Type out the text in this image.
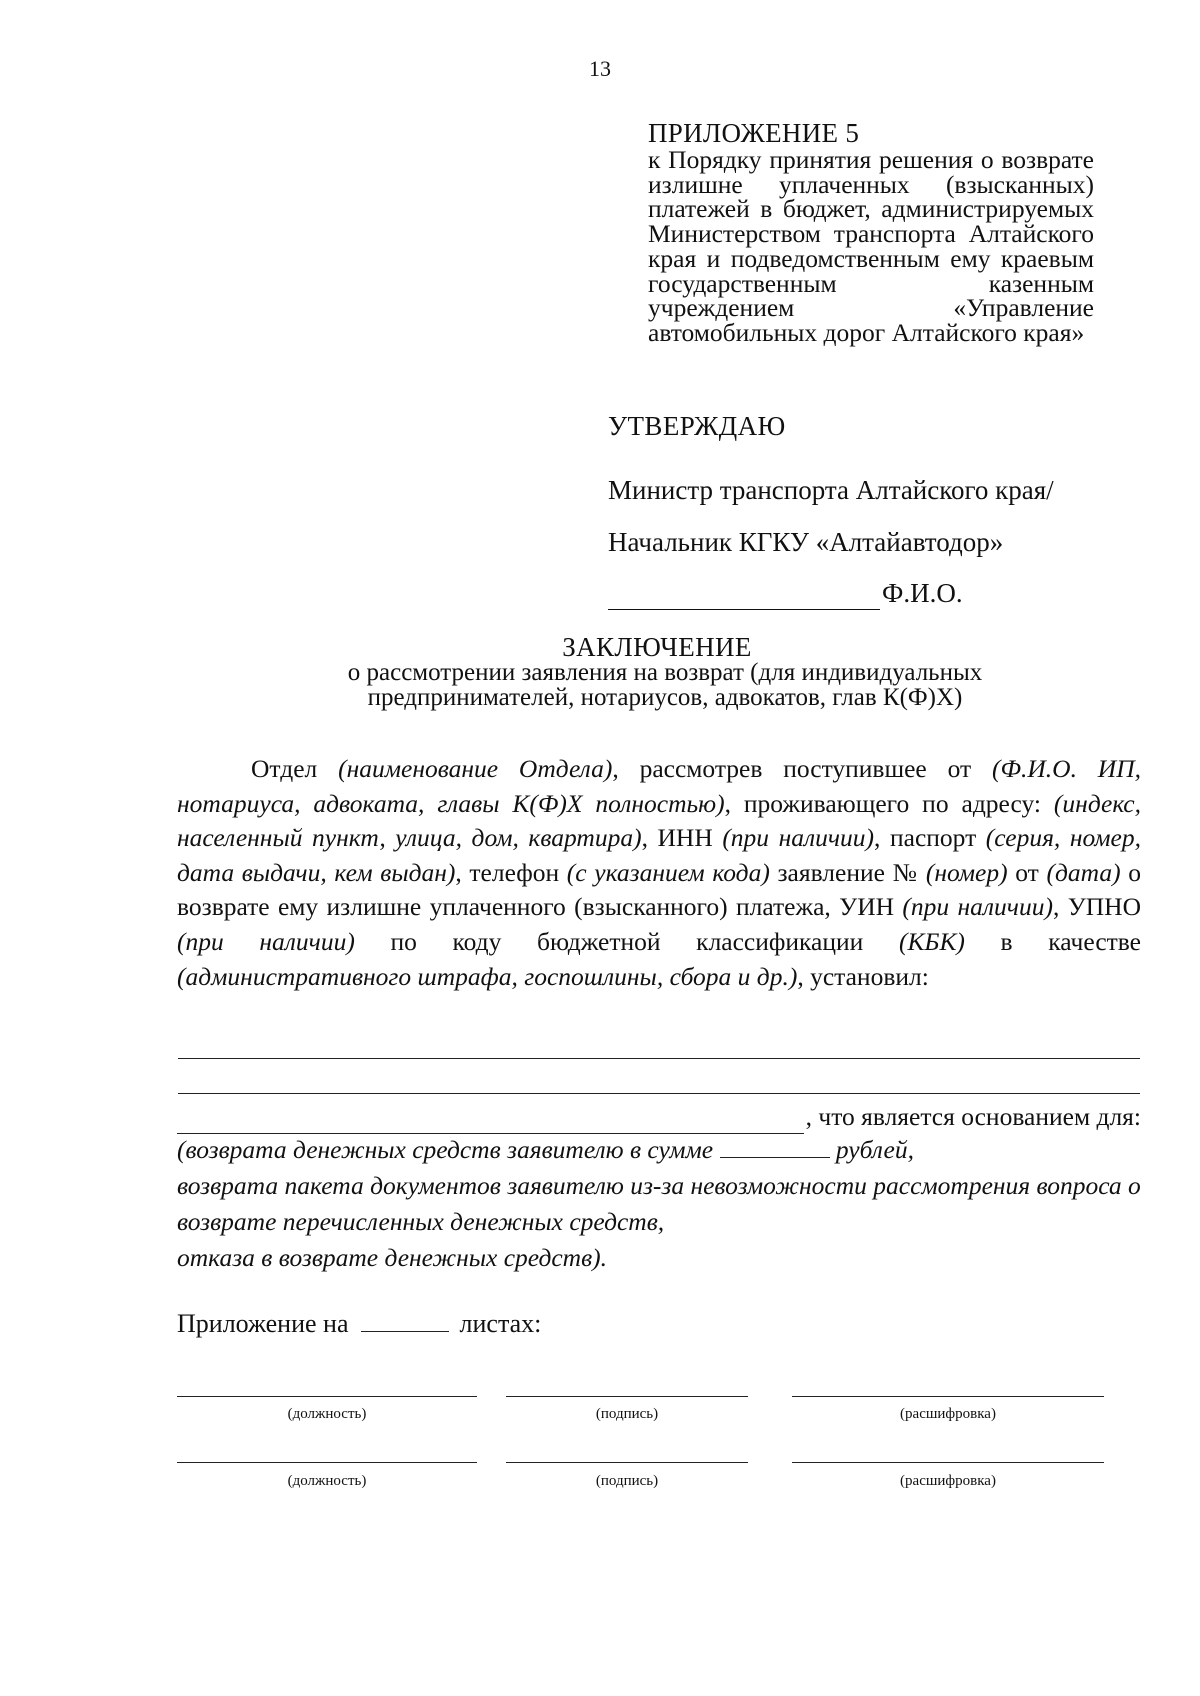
13
ПРИЛОЖЕНИЕ 5
к Порядку принятия решения о возврате излишне уплаченных (взысканных) платежей в бюджет, администрируемых Министерством транспорта Алтайского края и подведомственным ему краевым государственным казенным учреждением «Управление автомобильных дорог Алтайского края»
УТВЕРЖДАЮ
Министр транспорта Алтайского края/
Начальник КГКУ «Алтайавтодор»
Ф.И.О.
ЗАКЛЮЧЕНИЕ
о рассмотрении заявления на возврат (для индивидуальных предпринимателей, нотариусов, адвокатов, глав К(Ф)Х)
Отдел (наименование Отдела), рассмотрев поступившее от (Ф.И.О. ИП, нотариуса, адвоката, главы К(Ф)Х полностью), проживающего по адресу: (индекс, населенный пункт, улица, дом, квартира), ИНН (при наличии), паспорт (серия, номер, дата выдачи, кем выдан), телефон (с указанием кода) заявление № (номер) от (дата) о возврате ему излишне уплаченного (взысканного) платежа, УИН (при наличии), УПНО (при наличии) по коду бюджетной классификации (КБК) в качестве (административного штрафа, госпошлины, сбора и др.), установил:
, что является основанием для:
(возврата денежных средств заявителю в сумме	рублей,
возврата пакета документов заявителю из-за невозможности рассмотрения вопроса о возврате перечисленных денежных средств,
отказа в возврате денежных средств).
Приложение на	листах:
(должность)	(подпись)	(расшифровка)
(должность)	(подпись)	(расшифровка)
